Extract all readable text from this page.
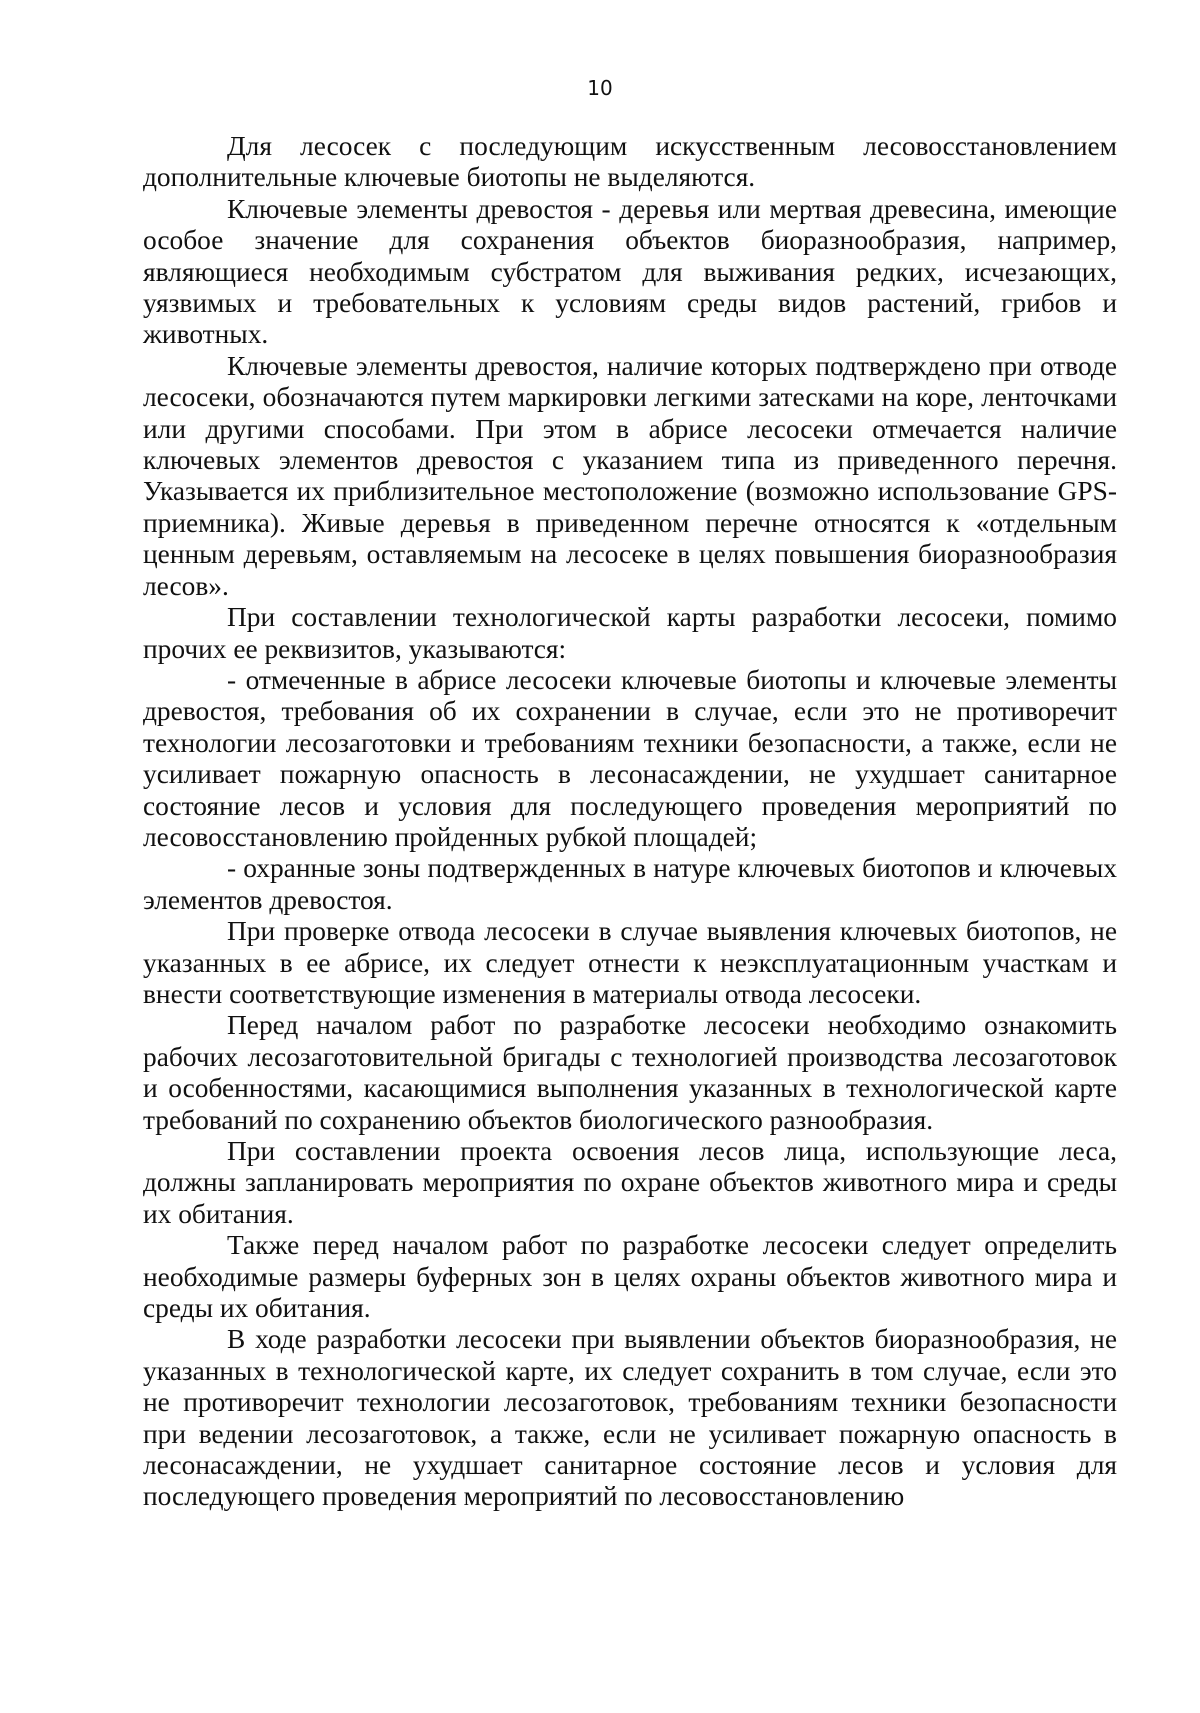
10

Для лесосек с последующим искусственным лесовосстановлением дополнительные ключевые биотопы не выделяются.

Ключевые элементы древостоя - деревья или мертвая древесина, имеющие особое значение для сохранения объектов биоразнообразия, например, являющиеся необходимым субстратом для выживания редких, исчезающих, уязвимых и требовательных к условиям среды видов растений, грибов и животных.

Ключевые элементы древостоя, наличие которых подтверждено при отводе лесосеки, обозначаются путем маркировки легкими затесками на коре, ленточками или другими способами. При этом в абрисе лесосеки отмечается наличие ключевых элементов древостоя с указанием типа из приведенного перечня. Указывается их приблизительное местоположение (возможно использование GPS-приемника). Живые деревья в приведенном перечне относятся к «отдельным ценным деревьям, оставляемым на лесосеке в целях повышения биоразнообразия лесов».

При составлении технологической карты разработки лесосеки, помимо прочих ее реквизитов, указываются:

- отмеченные в абрисе лесосеки ключевые биотопы и ключевые элементы древостоя, требования об их сохранении в случае, если это не противоречит технологии лесозаготовки и требованиям техники безопасности, а также, если не усиливает пожарную опасность в лесонасаждении, не ухудшает санитарное состояние лесов и условия для последующего проведения мероприятий по лесовосстановлению пройденных рубкой площадей;

- охранные зоны подтвержденных в натуре ключевых биотопов и ключевых элементов древостоя.

При проверке отвода лесосеки в случае выявления ключевых биотопов, не указанных в ее абрисе, их следует отнести к неэксплуатационным участкам и внести соответствующие изменения в материалы отвода лесосеки.

Перед началом работ по разработке лесосеки необходимо ознакомить рабочих лесозаготовительной бригады с технологией производства лесозаготовок и особенностями, касающимися выполнения указанных в технологической карте требований по сохранению объектов биологического разнообразия.

При составлении проекта освоения лесов лица, использующие леса, должны запланировать мероприятия по охране объектов животного мира и среды их обитания.

Также перед началом работ по разработке лесосеки следует определить необходимые размеры буферных зон в целях охраны объектов животного мира и среды их обитания.

В ходе разработки лесосеки при выявлении объектов биоразнообразия, не указанных в технологической карте, их следует сохранить в том случае, если это не противоречит технологии лесозаготовок, требованиям техники безопасности при ведении лесозаготовок, а также, если не усиливает пожарную опасность в лесонасаждении, не ухудшает санитарное состояние лесов и условия для последующего проведения мероприятий по лесовосстановлению
